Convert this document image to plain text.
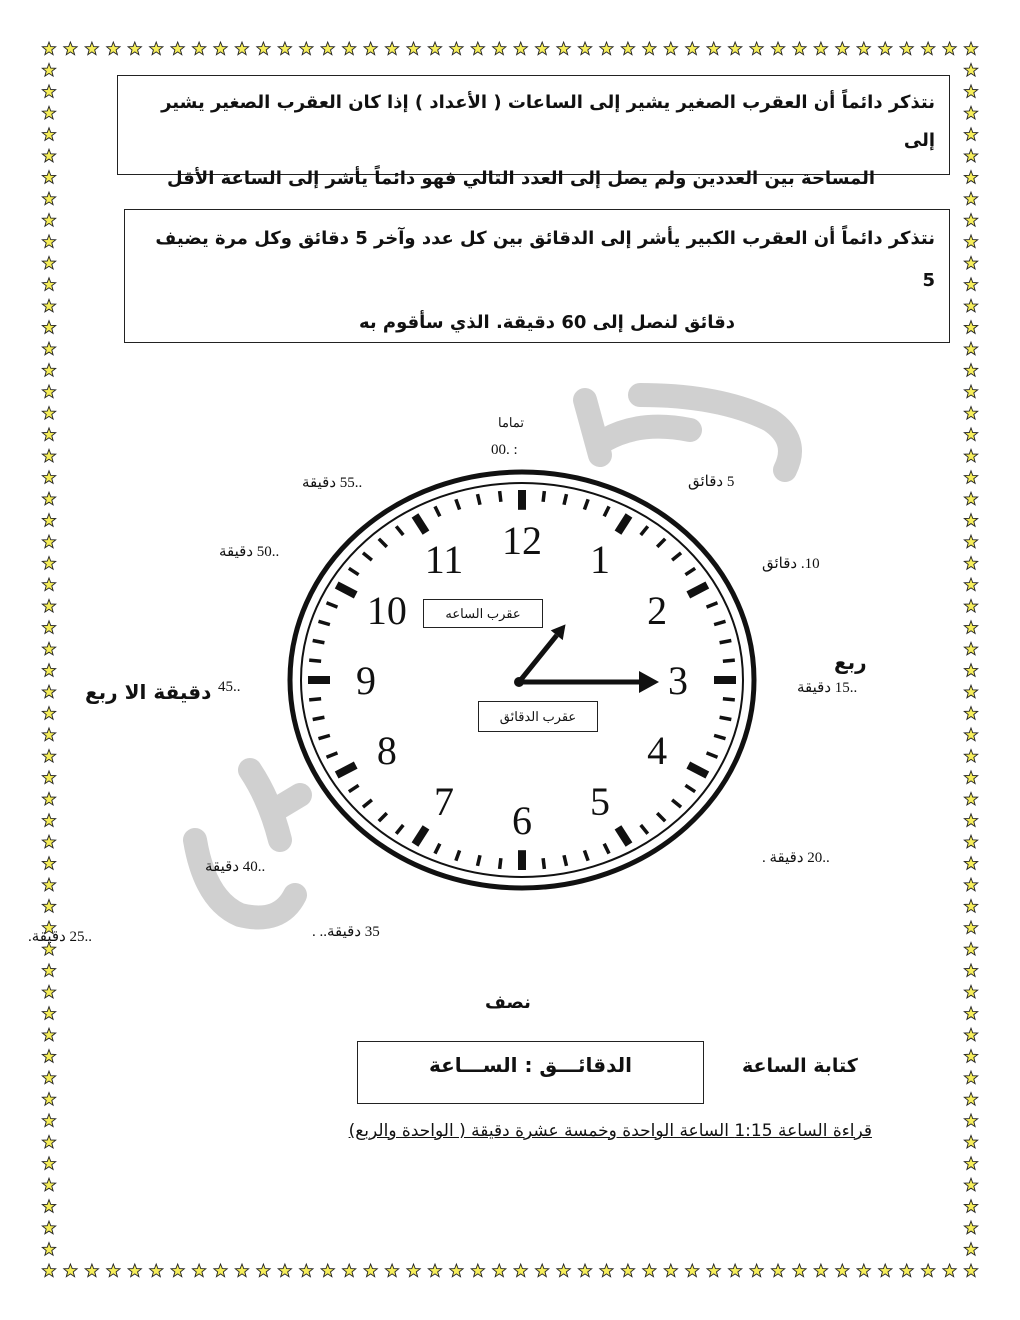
نتذكر دائماً أن العقرب الصغير يشير إلى الساعات ( الأعداد ) إذا كان العقرب الصغير يشير إلى

المساحة بين العددين ولم يصل إلى العدد التالي فهو دائماً يأشر إلى الساعة الأقل

نتذكر دائماً أن العقرب الكبير يأشر إلى الدقائق بين كل عدد وآخر 5 دقائق وكل مرة يضيف 5

دقائق لنصل إلى 60 دقيقة. الذي سأقوم به

12 1
2
3
4
5
6
7
8
9
10
11
عقرب الساعه
عقرب الدقائق
تماما
00. :
5 دقائق
10. دقائق
..15 دقيقة
ربع
..20 دقيقة .
..25 دقيقة.	35 دقيقة.. .
..40 دقيقة
..45
دقيقة الا ربع
..50 دقيقة
..55 دقيقة
نصف
كتابة الساعة
الدقائـــق : الســـاعة
قراءة الساعة 1:15 الساعة الواحدة وخمسة عشرة دقيقة ( الواحدة والربع)
